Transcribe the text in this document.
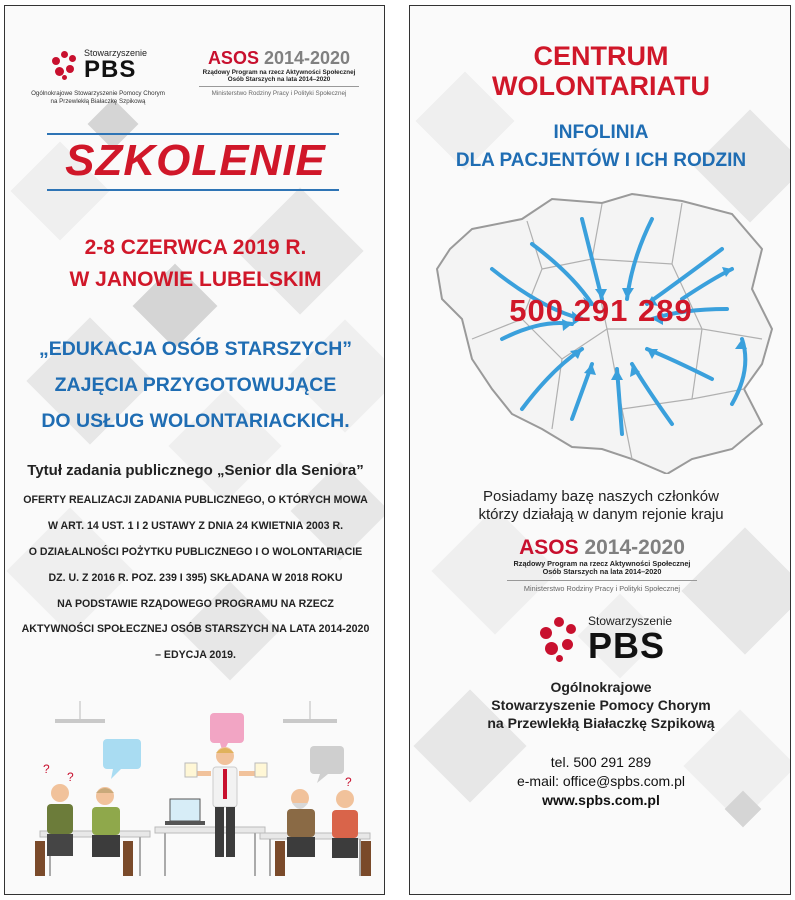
Stowarzyszenie
PBS
Ogólnokrajowe Stowarzyszenie Pomocy Chorym
na Przewlekłą Białaczkę Szpikową
ASOS 2014-2020
Rządowy Program na rzecz Aktywności Społecznej
Osób Starszych na lata 2014–2020
Ministerstwo Rodziny Pracy i Polityki Społecznej
SZKOLENIE
2-8 CZERWCA 2019 R.
W JANOWIE LUBELSKIM
„EDUKACJA OSÓB STARSZYCH”
ZAJĘCIA PRZYGOTOWUJĄCE
DO USŁUG WOLONTARIACKICH.
Tytuł zadania publicznego „Senior dla Seniora”
OFERTY REALIZACJI ZADANIA PUBLICZNEGO, O KTÓRYCH MOWA
W ART. 14 UST. 1 I 2 USTAWY Z DNIA 24 KWIETNIA 2003 R.
O DZIAŁALNOŚCI POŻYTKU PUBLICZNEGO I O WOLONTARIACIE
DZ. U. Z 2016 R. POZ. 239 I 395) SKŁADANA W 2018 ROKU
NA PODSTAWIE RZĄDOWEGO PROGRAMU NA RZECZ
AKTYWNOŚCI SPOŁECZNEJ OSÓB STARSZYCH NA LATA 2014-2020
– EDYCJA 2019.
?
?	?
CENTRUM
WOLONTARIATU
INFOLINIA
DLA PACJENTÓW I ICH RODZIN
500 291 289
Posiadamy bazę naszych członków
którzy działają w danym rejonie kraju
ASOS 2014-2020
Rządowy Program na rzecz Aktywności Społecznej
Osób Starszych na lata 2014–2020
Ministerstwo Rodziny Pracy i Polityki Społecznej
Stowarzyszenie
PBS
Ogólnokrajowe
Stowarzyszenie Pomocy Chorym
na Przewlekłą Białaczkę Szpikową
tel. 500 291 289
e-mail: office@spbs.com.pl
www.spbs.com.pl
